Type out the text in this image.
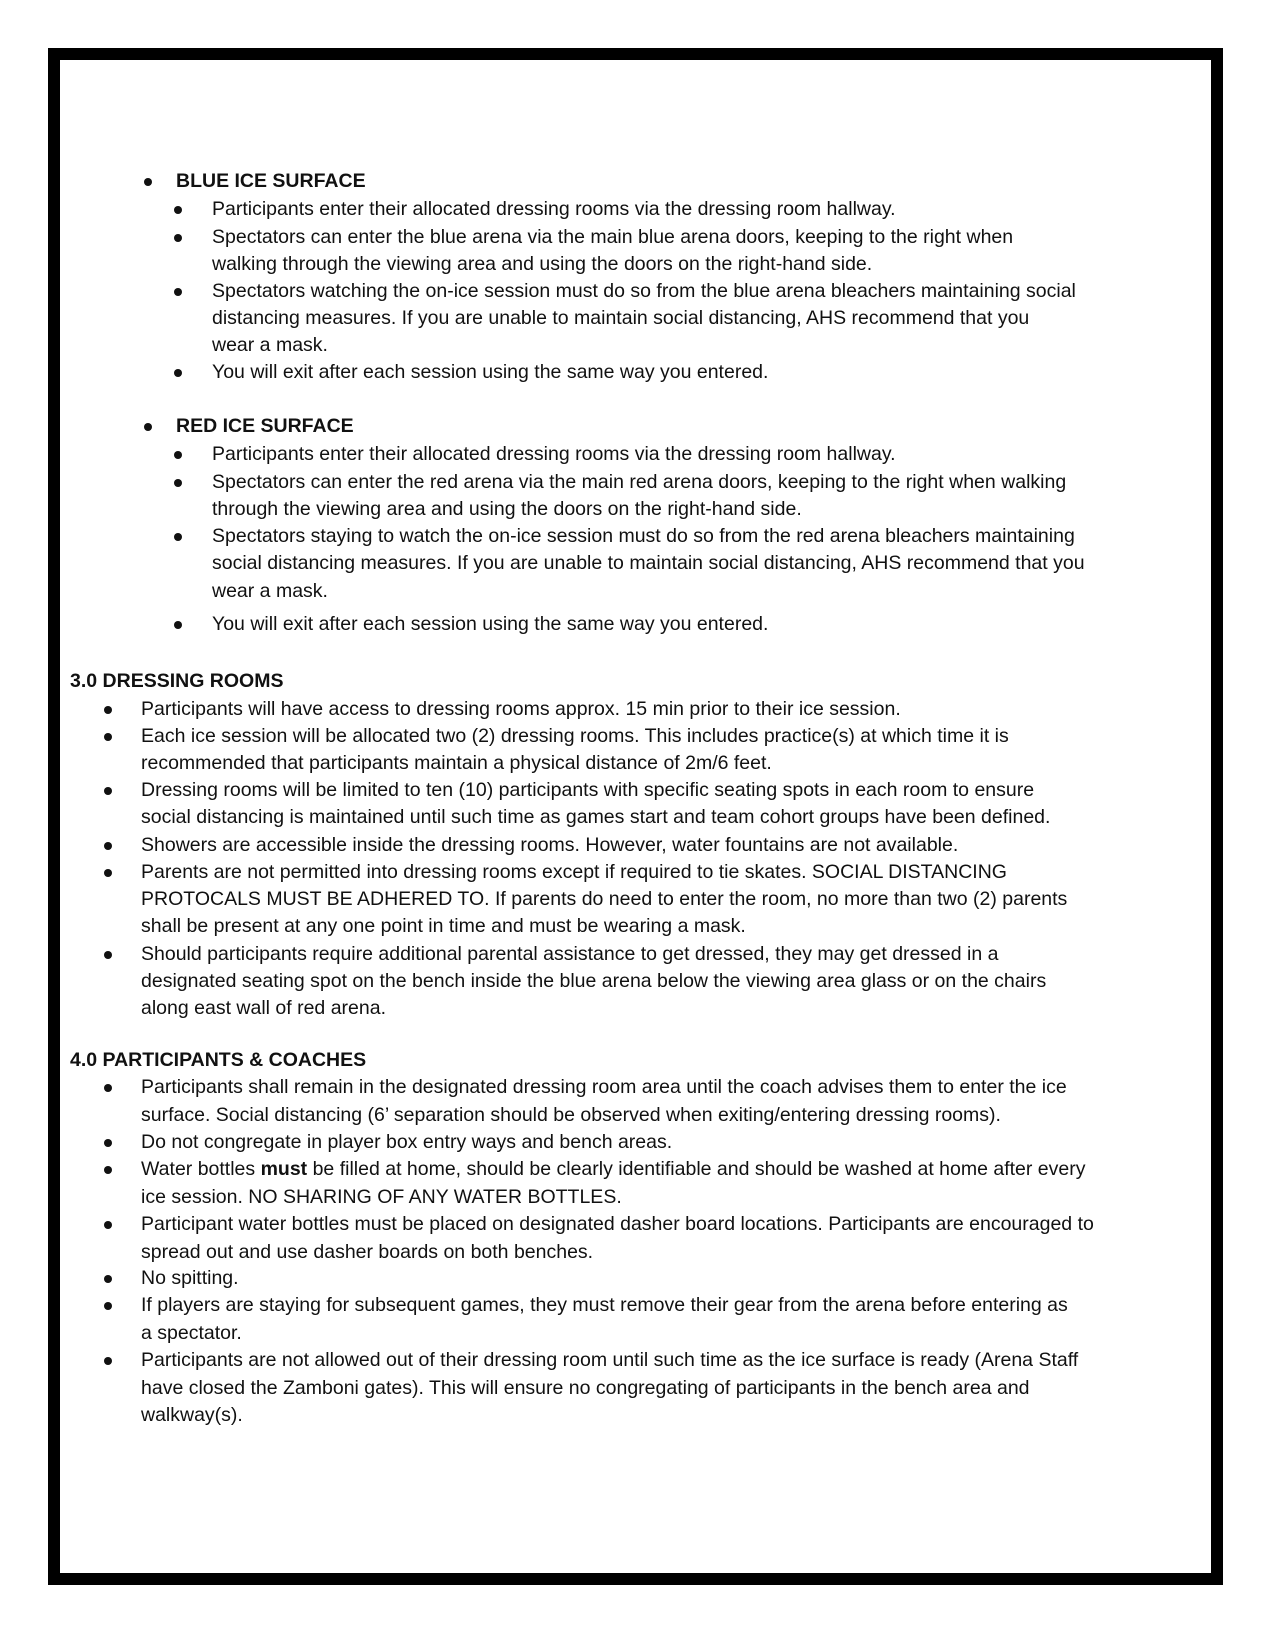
BLUE ICE SURFACE
Participants enter their allocated dressing rooms via the dressing room hallway.
Spectators can enter the blue arena via the main blue arena doors, keeping to the right when
walking through the viewing area and using the doors on the right-hand side.
Spectators watching the on-ice session must do so from the blue arena bleachers maintaining social
distancing measures. If you are unable to maintain social distancing, AHS recommend that you
wear a mask.
You will exit after each session using the same way you entered.
RED ICE SURFACE
Participants enter their allocated dressing rooms via the dressing room hallway.
Spectators can enter the red arena via the main red arena doors, keeping to the right when walking
through the viewing area and using the doors on the right-hand side.
Spectators staying to watch the on-ice session must do so from the red arena bleachers maintaining
social distancing measures. If you are unable to maintain social distancing, AHS recommend that you
wear a mask.
You will exit after each session using the same way you entered.
3.0 DRESSING ROOMS
Participants will have access to dressing rooms approx. 15 min prior to their ice session.
Each ice session will be allocated two (2) dressing rooms. This includes practice(s) at which time it is
recommended that participants maintain a physical distance of 2m/6 feet.
Dressing rooms will be limited to ten (10) participants with specific seating spots in each room to ensure
social distancing is maintained until such time as games start and team cohort groups have been defined.
Showers are accessible inside the dressing rooms. However, water fountains are not available.
Parents are not permitted into dressing rooms except if required to tie skates. SOCIAL DISTANCING
PROTOCALS MUST BE ADHERED TO. If parents do need to enter the room, no more than two (2) parents
shall be present at any one point in time and must be wearing a mask.
Should participants require additional parental assistance to get dressed, they may get dressed in a
designated seating spot on the bench inside the blue arena below the viewing area glass or on the chairs
along east wall of red arena.
4.0 PARTICIPANTS & COACHES
Participants shall remain in the designated dressing room area until the coach advises them to enter the ice
surface. Social distancing (6’ separation should be observed when exiting/entering dressing rooms).
Do not congregate in player box entry ways and bench areas.
Water bottles must be filled at home, should be clearly identifiable and should be washed at home after every
ice session. NO SHARING OF ANY WATER BOTTLES.
Participant water bottles must be placed on designated dasher board locations. Participants are encouraged to
spread out and use dasher boards on both benches.
No spitting.
If players are staying for subsequent games, they must remove their gear from the arena before entering as
a spectator.
Participants are not allowed out of their dressing room until such time as the ice surface is ready (Arena Staff
have closed the Zamboni gates). This will ensure no congregating of participants in the bench area and
walkway(s).
